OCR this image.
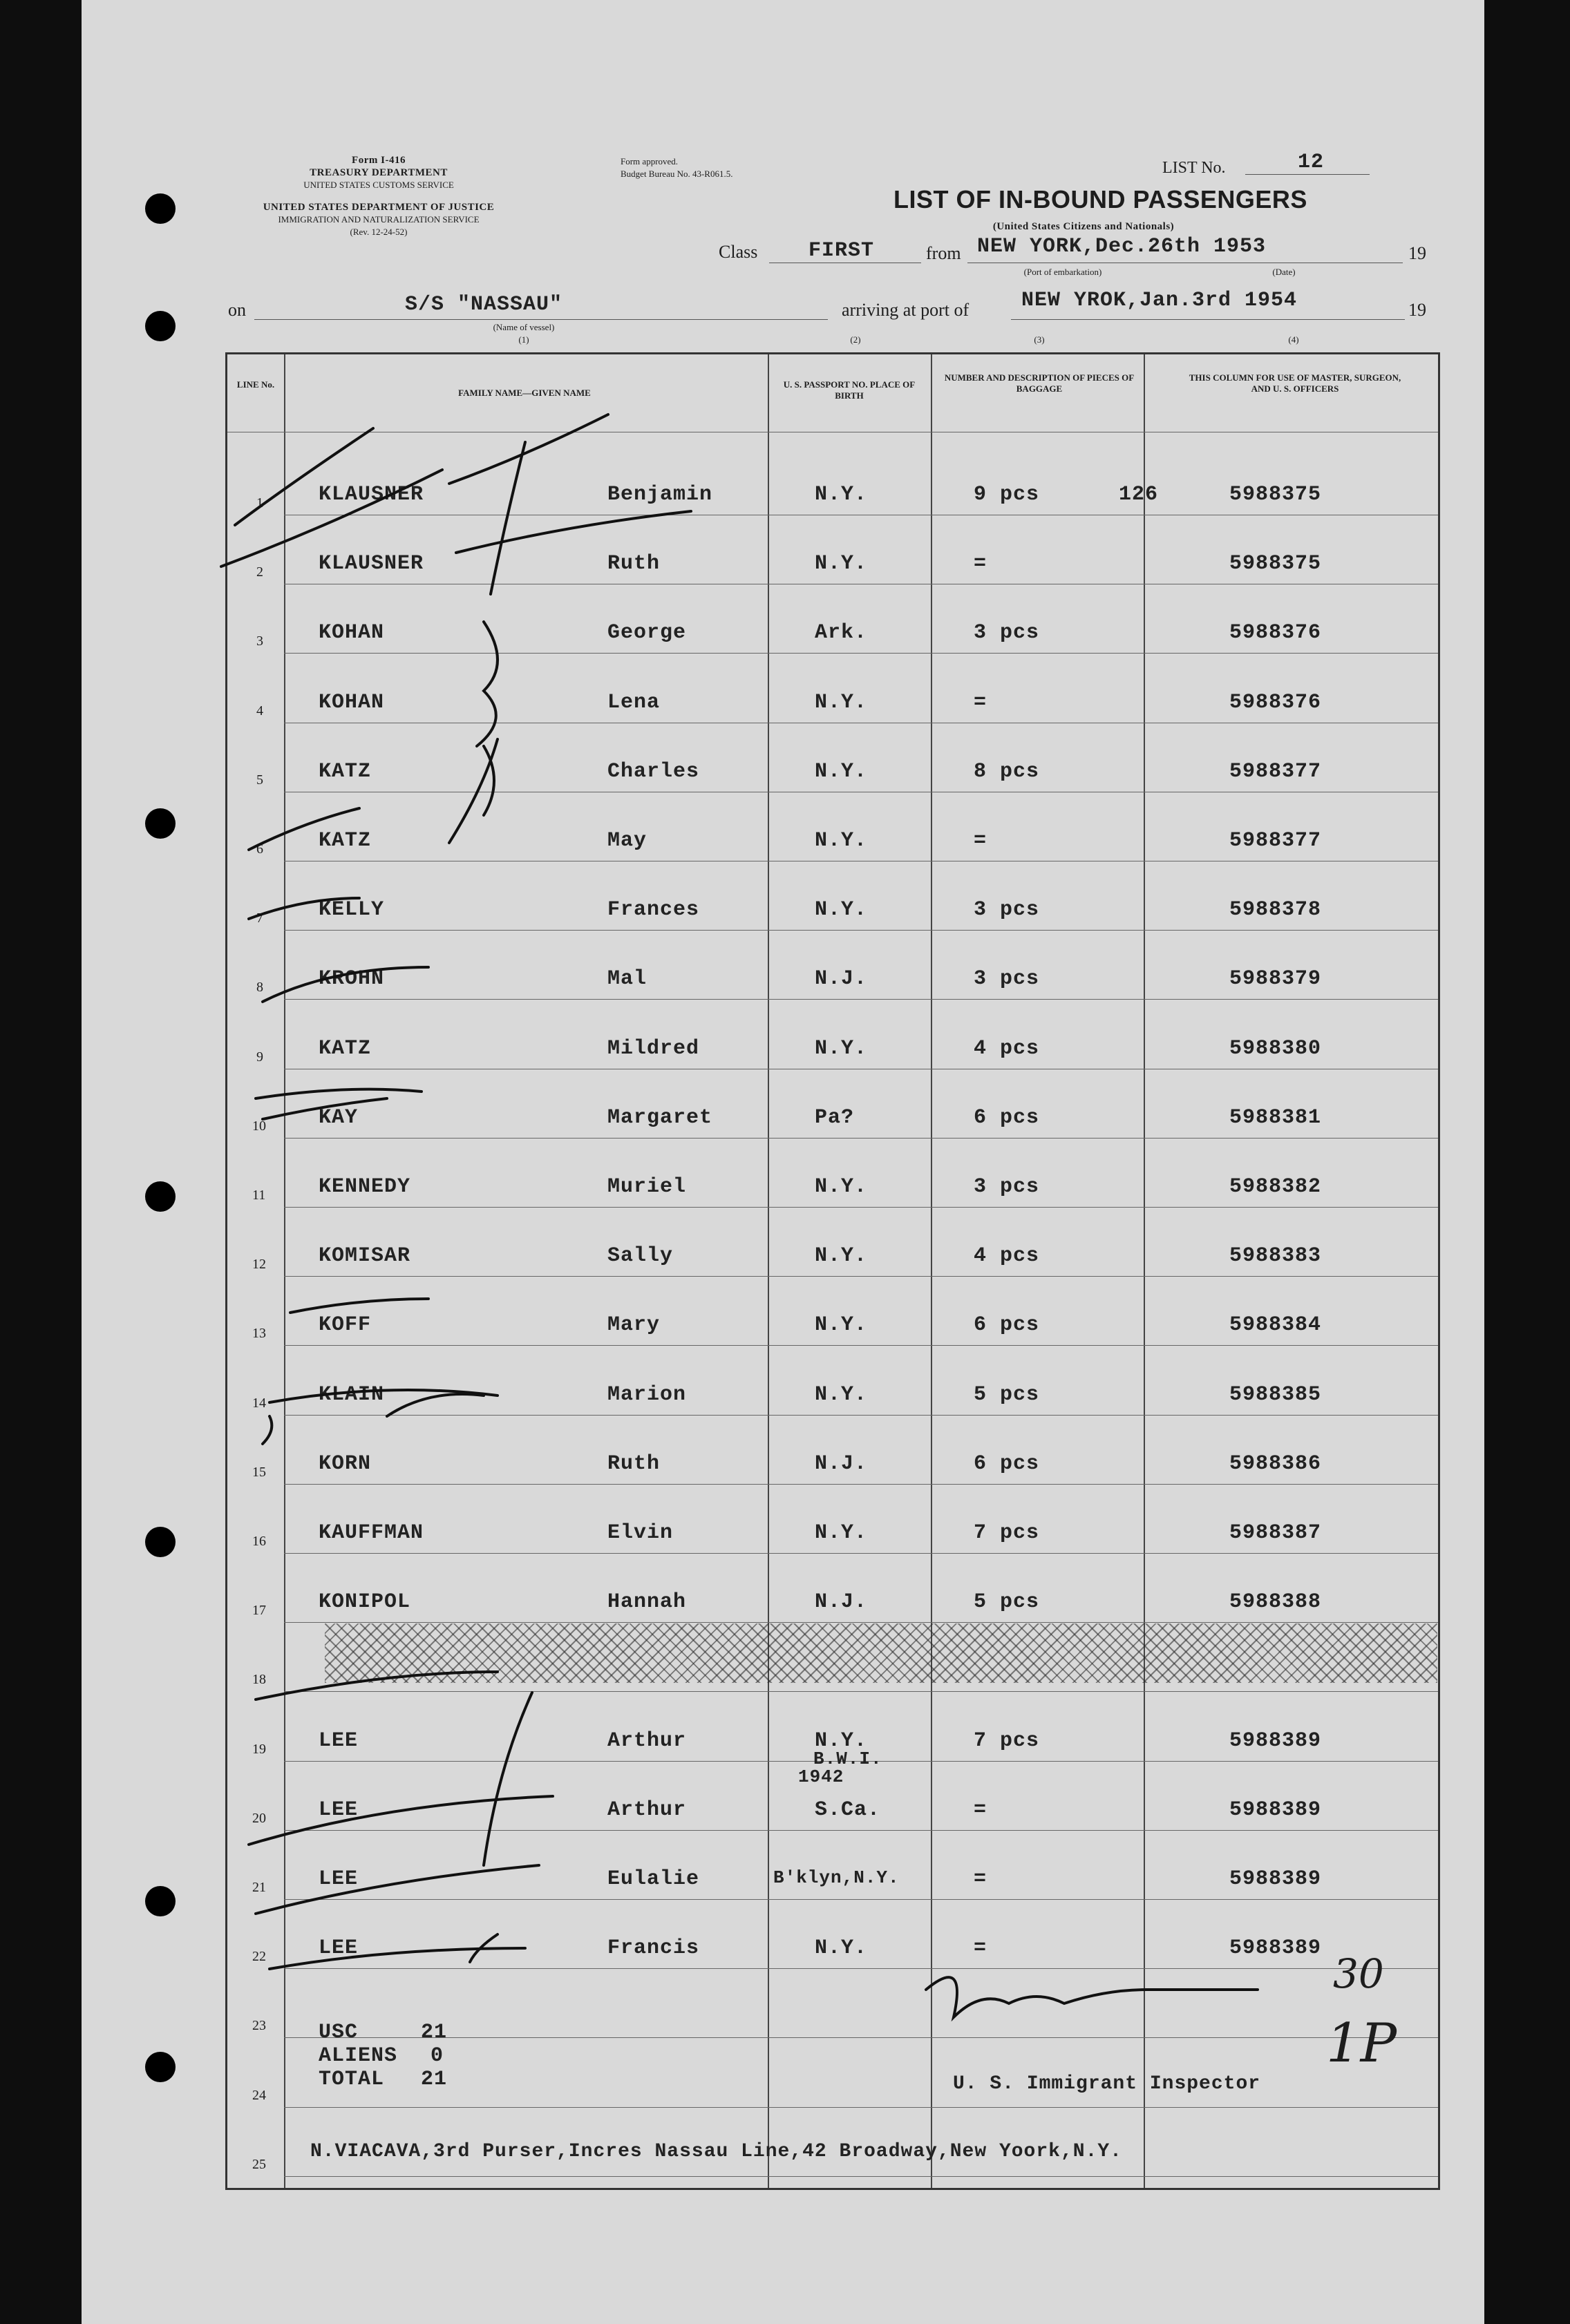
Form I-416
TREASURY DEPARTMENT
UNITED STATES CUSTOMS SERVICE
UNITED STATES DEPARTMENT OF JUSTICE
IMMIGRATION AND NATURALIZATION SERVICE
(Rev. 12-24-52)
Form approved.
Budget Bureau No. 43-R061.5.	LIST No.	12
LIST OF IN-BOUND PASSENGERS
(United States Citizens and Nationals)
Class FIRST	from NEW YORK,Dec.26th 1953	19
(Port of embarkation)	(Date)
on	S/S "NASSAU"
(Name of vessel)
(1)
arriving at port of	NEW YROK,Jan.3rd 1954	19
(2)	(3)	(4)
LINE No.
FAMILY NAME—GIVEN NAME
U. S. PASSPORT NO. PLACE OF BIRTH
NUMBER AND DESCRIPTION OF PIECES OF BAGGAGE
THIS COLUMN FOR USE OF MASTER, SURGEON, AND U. S. OFFICERS
1	KLAUSNER	Benjamin	N.Y.	9 pcs	5988375
2	KLAUSNER	Ruth	N.Y.	=	5988375
3	KOHAN	George	Ark.	3 pcs	5988376
4	KOHAN	Lena	N.Y.	=	5988376
5	KATZ	Charles	N.Y.	8 pcs	5988377
6	KATZ	May	N.Y.	=	5988377
7	KELLY	Frances	N.Y.	3 pcs	5988378
8	KROHN	Mal	N.J.	3 pcs	5988379
9	KATZ	Mildred	N.Y.	4 pcs	5988380
10	KAY	Margaret	Pa?	6 pcs	5988381
11	KENNEDY	Muriel	N.Y.	3 pcs	5988382
12	KOMISAR	Sally	N.Y.	4 pcs	5988383
13	KOFF	Mary	N.Y.	6 pcs	5988384
14	KLAIN	Marion	N.Y.	5 pcs	5988385
15	KORN	Ruth	N.J.	6 pcs	5988386
16	KAUFFMAN	Elvin	N.Y.	7 pcs	5988387
17	KONIPOL	Hannah	N.J.	5 pcs	5988388
18
19	LEE	Arthur	N.Y.	7 pcs	5988389
20	LEE	Arthur	S.Ca.	=	5988389
21	LEE	Eulalie	B'klyn,N.Y.	=	5988389
22	LEE	Francis	N.Y.	=	5988389
23
24
25
126
B.W.I.
1942
USC	21
ALIENS 0
TOTAL 21	U. S. Immigrant Inspector
N.VIACAVA,3rd Purser,Incres Nassau Line,42 Broadway,New Yoork,N.Y.
30
1P
